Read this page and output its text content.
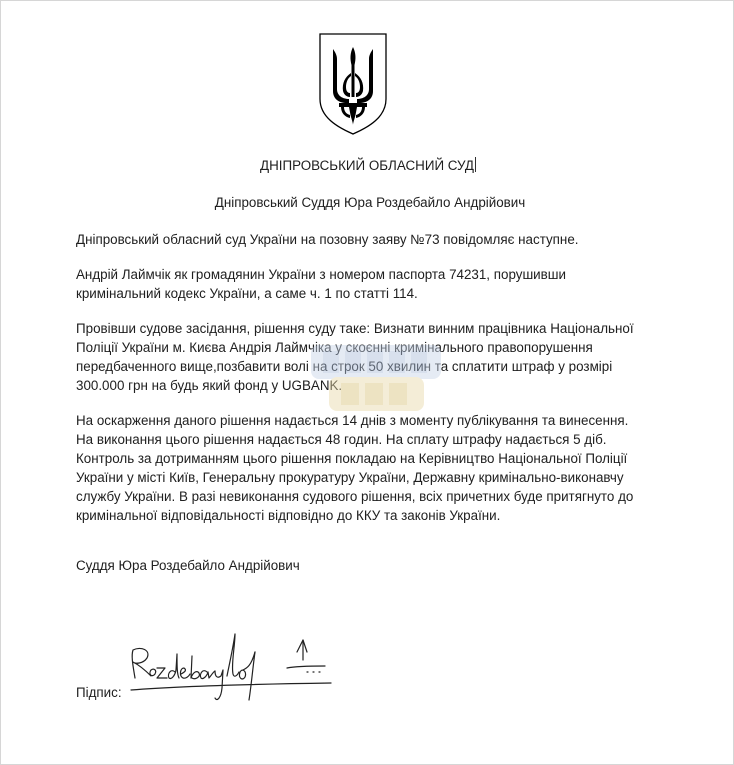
ДНІПРОВСЬКИЙ ОБЛАСНИЙ СУД
Дніпровський Суддя Юра Роздебайло Андрійович

Дніпровський обласний суд України на позовну заяву №73 повідомляє наступне.

Андрій Лаймчік як громадянин України з номером паспорта 74231, порушивши кримінальний кодекс України, а саме ч. 1 по статті 114.

Провівши судове засідання, рішення суду таке: Визнати винним працівника Національної Поліції України м. Києва Андрія Лаймчіка у скоєнні кримінального правопорушення передбаченного вище,позбавити волі на строк 50 хвилин та сплатити штраф у розмірі 300.000 грн на будь який фонд у UGBANK.

На оскарження даного рішення надається 14 днів з моменту публікування та винесення. На виконання цього рішення надається 48 годин. На сплату штрафу надається 5 діб. Контроль за дотриманням цього рішення покладаю на Керівництво Національної Поліції України у місті Київ, Генеральну прокуратуру України, Державну кримінально-виконавчу службу України. В разі невиконання судового рішення, всіх причетних буде притягнуто до кримінальної відповідальності відповідно до ККУ та законів України.

Суддя Юра Роздебайло Андрійович
Підпис:
